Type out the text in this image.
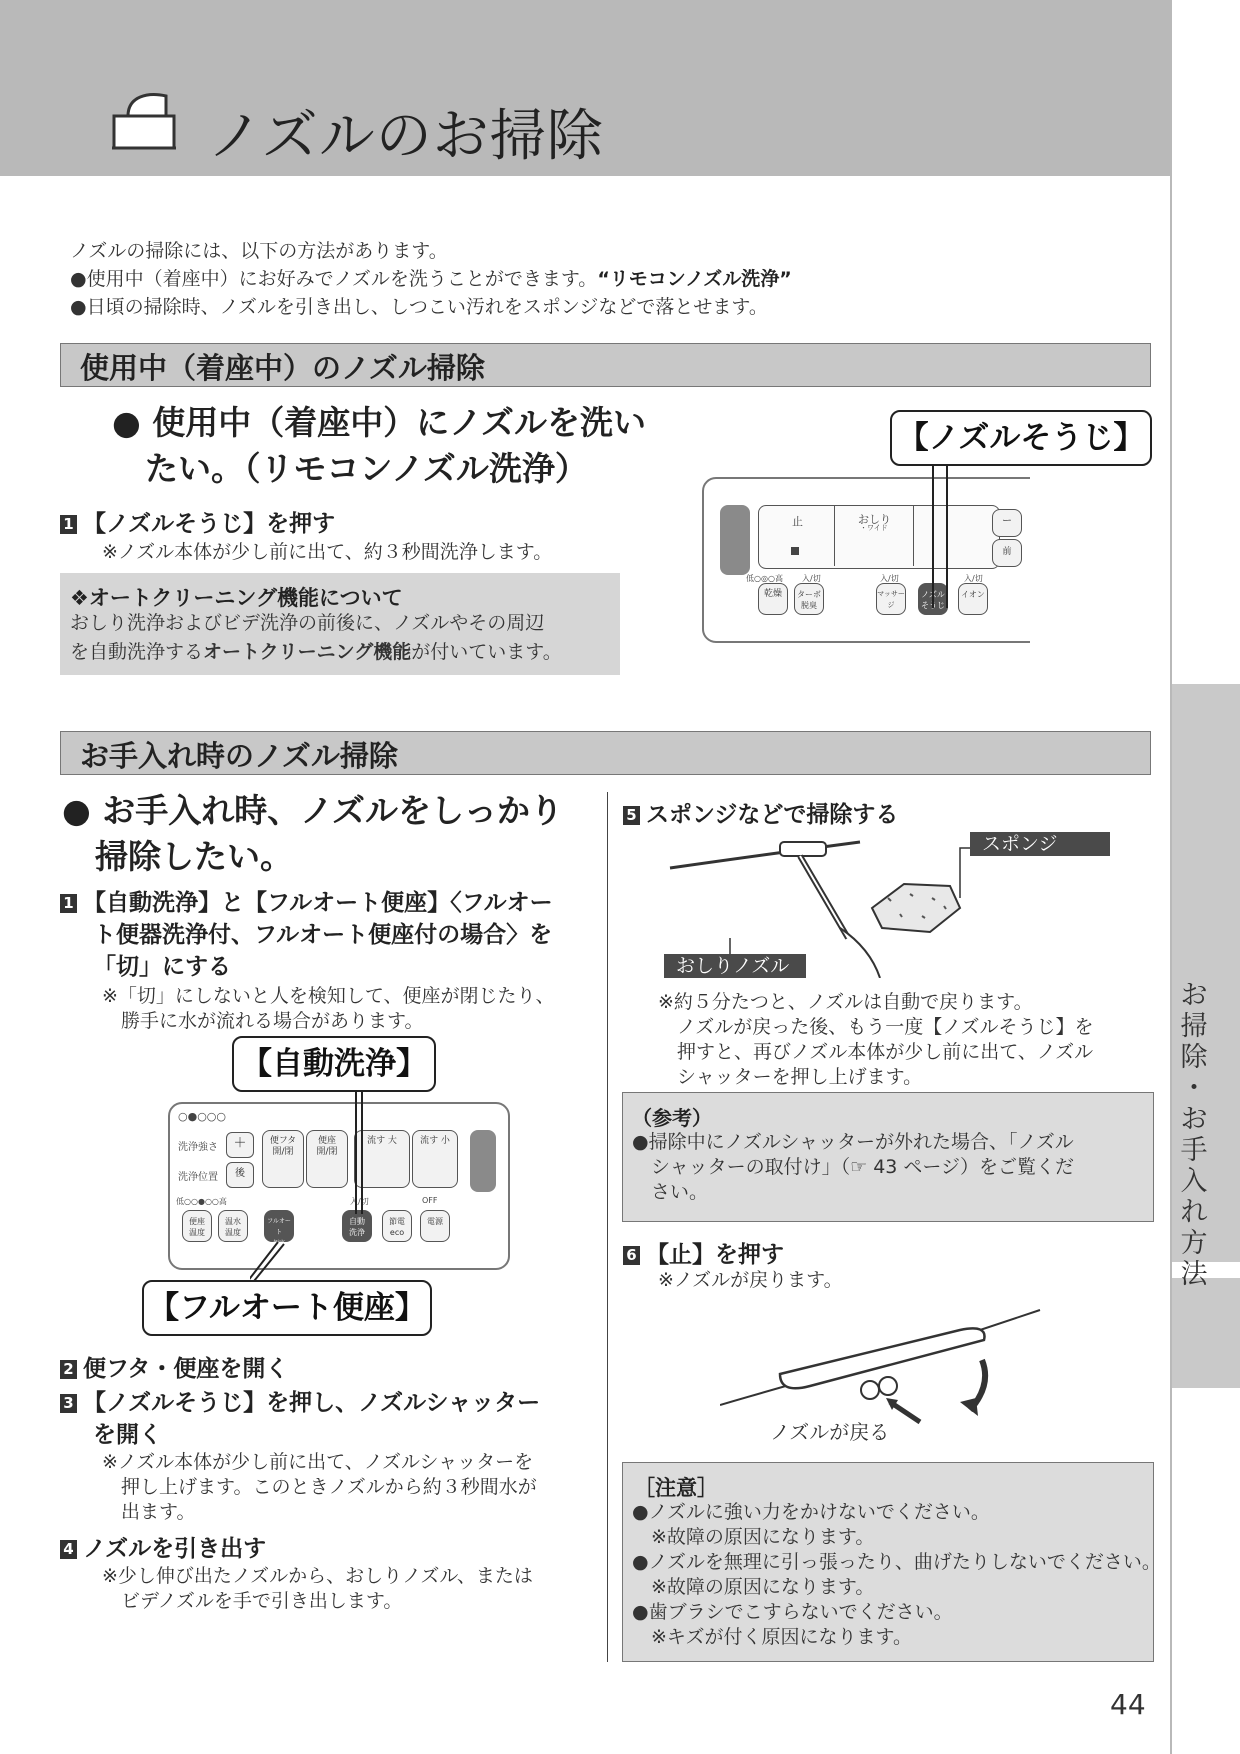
ノズルのお掃除
お
掃
除
・
お
手
入
れ
方
法
ノズルの掃除には、以下の方法があります。
●使用中（着座中）にお好みでノズルを洗うことができます。“リモコンノズル洗浄”
●日頃の掃除時、ノズルを引き出し、しつこい汚れをスポンジなどで落とせます。
使用中（着座中）のノズル掃除
● 使用中（着座中）にノズルを洗い
　たい。（リモコンノズル洗浄）
1 【ノズルそうじ】を押す
※ノズル本体が少し前に出て、約３秒間洗浄します。
❖オートクリーニング機能について
おしり洗浄およびビデ洗浄の前後に、ノズルやその周辺
を自動洗浄するオートクリーニング機能が付いています。
【ノズルそうじ】
止	おしり
・ワイド
ー
前
低○◎○高 入/切
乾燥	ターボ
脱臭
入/切
マッサージ
ノズル
そうじ
入/切
イオン
お手入れ時のノズル掃除
● お手入れ時、ノズルをしっかり
　掃除したい。
1 【自動洗浄】と【フルオート便座】〈フルオー
ト便器洗浄付、フルオート便座付の場合〉を
「切」にする
※「切」にしないと人を検知して、便座が閉じたり、
　勝手に水が流れる場合があります。
【自動洗浄】
○●○○○
洗浄強さ	＋
洗浄位置	後
便フタ
開/閉
便座
開/閉
流す 大	流す 小
低○○●○○高
便座
温度
温水
温度
フルオート
便座
入/切
自動
洗浄
節電
eco
OFF
電源
【フルオート便座】
2 便フタ・便座を開く
3 【ノズルそうじ】を押し、ノズルシャッター
を開く
※ノズル本体が少し前に出て、ノズルシャッターを
　押し上げます。このときノズルから約３秒間水が
　出ます。
4 ノズルを引き出す
※少し伸び出たノズルから、おしりノズル、または
　ビデノズルを手で引き出します。
5 スポンジなどで掃除する
スポンジ
おしりノズル
※約５分たつと、ノズルは自動で戻ります。
　ノズルが戻った後、もう一度【ノズルそうじ】を
　押すと、再びノズル本体が少し前に出て、ノズル
　シャッターを押し上げます。
（参考）
●掃除中にノズルシャッターが外れた場合、「ノズル
　シャッターの取付け」（☞ 43 ページ）をご覧くだ
　さい。
6 【止】を押す
※ノズルが戻ります。
ノズルが戻る
［注意］
●ノズルに強い力をかけないでください。
　※故障の原因になります。
●ノズルを無理に引っ張ったり、曲げたりしないでください。
　※故障の原因になります。
●歯ブラシでこすらないでください。
　※キズが付く原因になります。
44
